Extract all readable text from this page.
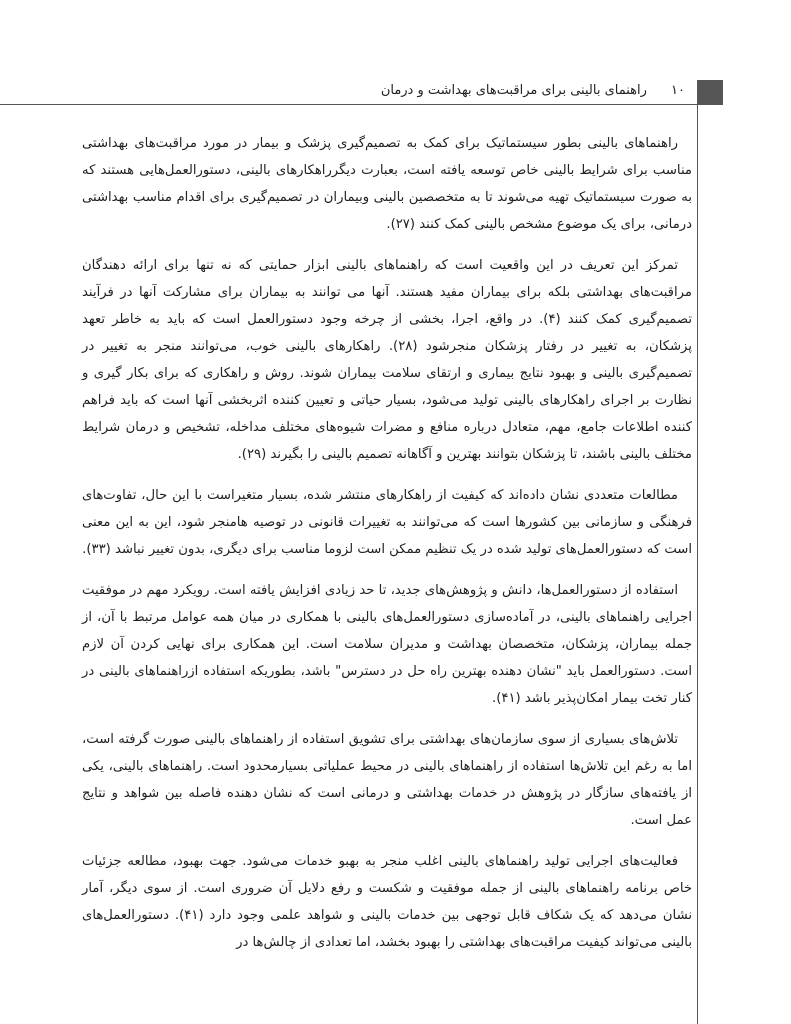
۱۰ راهنمای بالینی برای مراقبت‌های بهداشت و درمان

راهنماهای بالینی بطور سیستماتیک برای کمک به تصمیم‌گیری پزشک و بیمار در مورد مراقبت‌های بهداشتی مناسب برای شرایط بالینی خاص توسعه یافته است، بعبارت دیگرراهکارهای بالینی، دستورالعمل‌هایی هستند که به صورت سیستماتیک تهیه می‌شوند تا به متخصصین بالینی وبیماران در تصمیم‌گیری برای اقدام مناسب بهداشتی درمانی، برای یک موضوع مشخص بالینی کمک کنند (۲۷).

تمرکز این تعریف در این واقعیت است که راهنماهای بالینی ابزار حمایتی که نه تنها برای ارائه دهندگان مراقبت‌های بهداشتی بلکه برای بیماران مفید هستند. آنها می توانند به بیماران برای مشارکت آنها در فرآیند تصمیم‌گیری کمک کنند (۴). در واقع، اجرا، بخشی از چرخه وجود دستورالعمل است که باید به خاطر تعهد پزشکان، به تغییر در رفتار پزشکان منجرشود (۲۸). راهکارهای بالینی خوب، می‌توانند منجر به تغییر در تصمیم‌گیری بالینی و بهبود نتایج بیماری و ارتقای سلامت بیماران شوند. روش و راهکاری که برای بکار گیری و نظارت بر اجرای راهکارهای بالینی تولید می‌شود، بسیار حیاتی و تعیین کننده اثربخشی آنها است که باید فراهم کننده اطلاعات جامع، مهم، متعادل درباره منافع و مضرات شیوه‌های مختلف مداخله، تشخیص و درمان شرایط مختلف بالینی باشند، تا پزشکان بتوانند بهترین و آگاهانه تصمیم بالینی را بگیرند (۲۹).

مطالعات متعددی نشان داده‌اند که کیفیت از راهکارهای منتشر شده، بسیار متغیراست با این حال، تفاوت‌های فرهنگی و سازمانی بین کشورها است که می‌توانند به تغییرات قانونی در توصیه هامنجر شود، این به این معنی است که دستورالعمل‌های تولید شده در یک تنظیم ممکن است لزوما مناسب برای دیگری، بدون تغییر نباشد (۳۳).

استفاده از دستورالعمل‌ها، دانش و پژوهش‌های جدید، تا حد زیادی افزایش یافته است. رویکرد مهم در موفقیت اجرایی راهنماهای بالینی، در آماده‌سازی دستورالعمل‌های بالینی با همکاری در میان همه عوامل مرتبط با آن، از جمله بیماران، پزشکان، متخصصان بهداشت و مدیران سلامت است. این همکاری برای نهایی کردن آن لازم است. دستورالعمل باید "نشان دهنده بهترین راه حل در دسترس" باشد، بطوریکه استفاده ازراهنماهای بالینی در کنار تخت بیمار امکان‌پذیر باشد (۴۱).

تلاش‌های بسیاری از سوی سازمان‌های بهداشتی برای تشویق استفاده از راهنماهای بالینی صورت گرفته است، اما به رغم این تلاش‌ها استفاده از راهنماهای بالینی در محیط عملیاتی بسیارمحدود است. راهنماهای بالینی، یکی از یافته‌های سازگار در پژوهش در خدمات بهداشتی و درمانی است که نشان دهنده فاصله بین شواهد و نتایج عمل است.

فعالیت‌های اجرایی تولید راهنماهای بالینی اغلب منجر به بهبو خدمات می‌شود. جهت بهبود، مطالعه جزئیات خاص برنامه راهنماهای بالینی از جمله موفقیت و شکست و رفع دلایل آن ضروری است. از سوی دیگر، آمار نشان می‌دهد که یک شکاف قابل توجهی بین خدمات بالینی و شواهد علمی وجود دارد (۴۱). دستورالعمل‌های بالینی می‌تواند کیفیت مراقبت‌های بهداشتی را بهبود بخشد، اما تعدادی از چالش‌ها در
